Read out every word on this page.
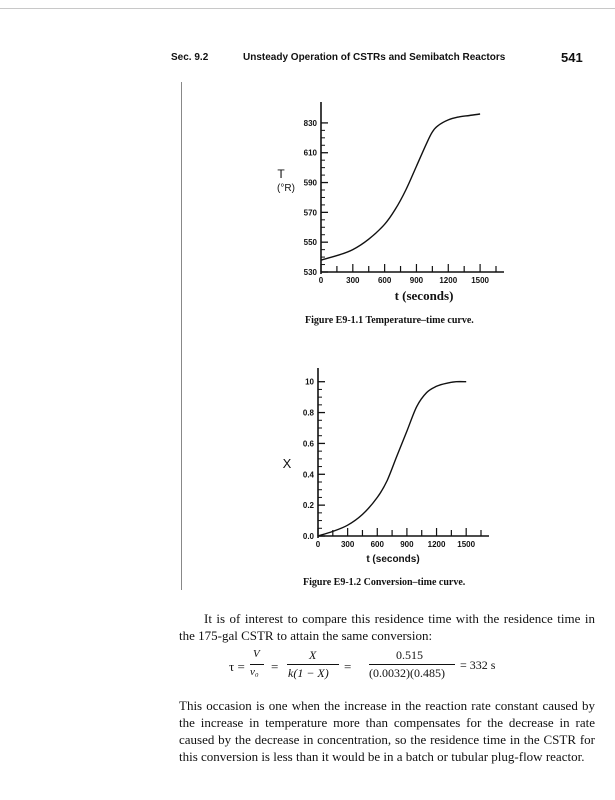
Sec. 9.2	Unsteady Operation of CSTRs and Semibatch Reactors	541
530
550
570
590
610
830
0	300 600 900 1200 1500
T
(°R)
t (seconds)
Figure E9-1.1 Temperature–time curve.
0.0
0.2
0.4
0.6
0.8
10
0	300 600 900 1200 1500
X
t (seconds)
Figure E9-1.2 Conversion–time curve.

It is of interest to compare this residence time with the residence time in the 175-gal CSTR to attain the same conversion:

τ =
V
v₀ =
X
k(1 − X) =
0.515
(0.0032)(0.485)
= 332 s

This occasion is one when the increase in the reaction rate constant caused by the increase in temperature more than compensates for the decrease in rate caused by the decrease in concentration, so the residence time in the CSTR for this conversion is less than it would be in a batch or tubular plug-flow reactor.
